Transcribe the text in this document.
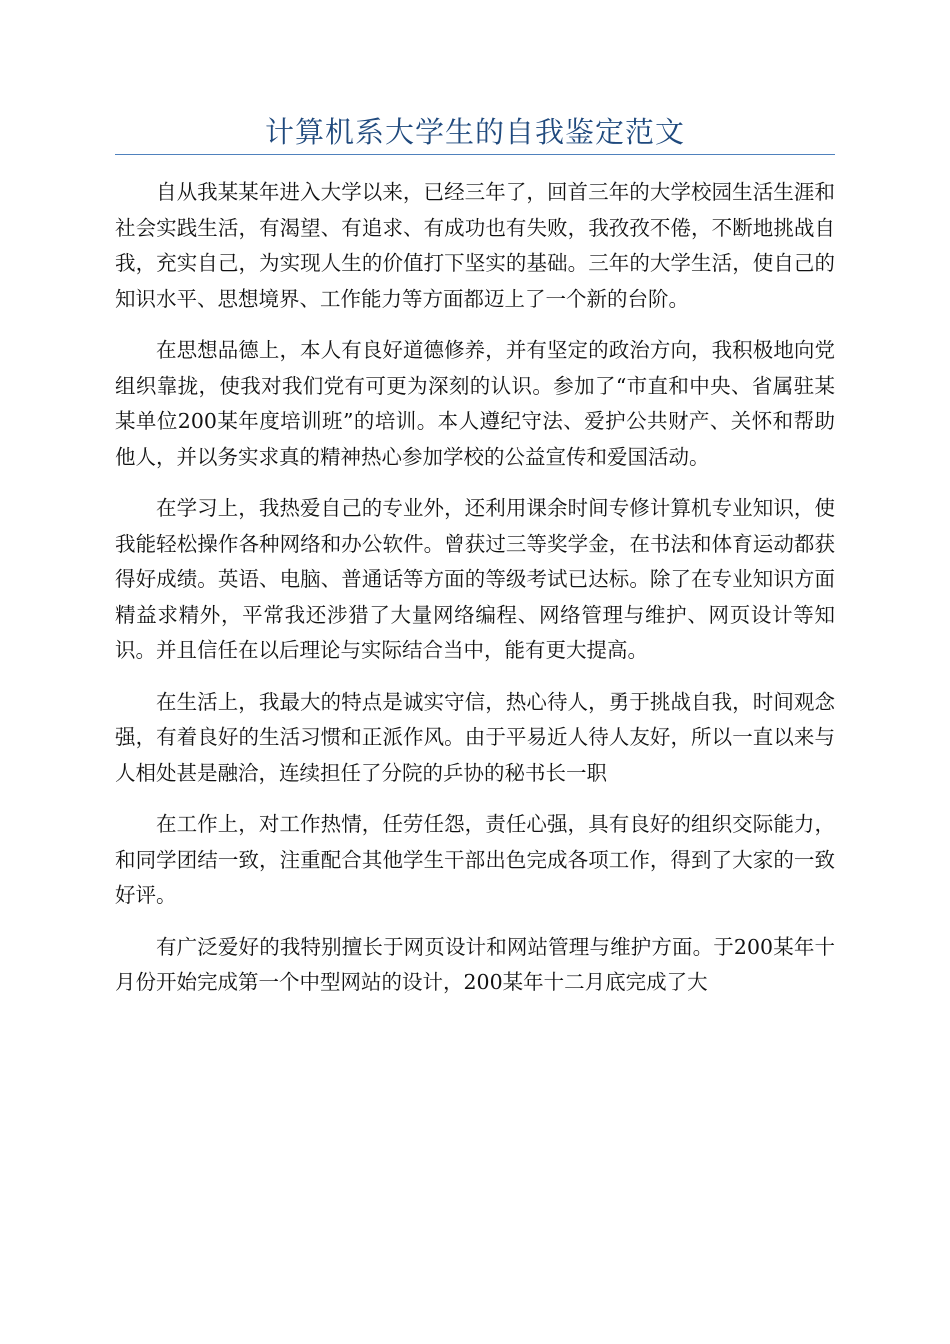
计算机系大学生的自我鉴定范文

自从我某某年进入大学以来，已经三年了，回首三年的大学校园生活生涯和社会实践生活，有渴望、有追求、有成功也有失败，我孜孜不倦，不断地挑战自我，充实自己，为实现人生的价值打下坚实的基础。三年的大学生活，使自己的知识水平、思想境界、工作能力等方面都迈上了一个新的台阶。

在思想品德上，本人有良好道德修养，并有坚定的政治方向，我积极地向党组织靠拢，使我对我们党有可更为深刻的认识。参加了“市直和中央、省属驻某某单位200某年度培训班”的培训。本人遵纪守法、爱护公共财产、关怀和帮助他人，并以务实求真的精神热心参加学校的公益宣传和爱国活动。

在学习上，我热爱自己的专业外，还利用课余时间专修计算机专业知识，使我能轻松操作各种网络和办公软件。曾获过三等奖学金，在书法和体育运动都获得好成绩。英语、电脑、普通话等方面的等级考试已达标。除了在专业知识方面精益求精外，平常我还涉猎了大量网络编程、网络管理与维护、网页设计等知识。并且信任在以后理论与实际结合当中，能有更大提高。

在生活上，我最大的特点是诚实守信，热心待人，勇于挑战自我，时间观念强，有着良好的生活习惯和正派作风。由于平易近人待人友好，所以一直以来与人相处甚是融洽，连续担任了分院的乒协的秘书长一职

在工作上，对工作热情，任劳任怨，责任心强，具有良好的组织交际能力，和同学团结一致，注重配合其他学生干部出色完成各项工作，得到了大家的一致好评。

有广泛爱好的我特别擅长于网页设计和网站管理与维护方面。于200某年十月份开始完成第一个中型网站的设计，200某年十二月底完成了大
